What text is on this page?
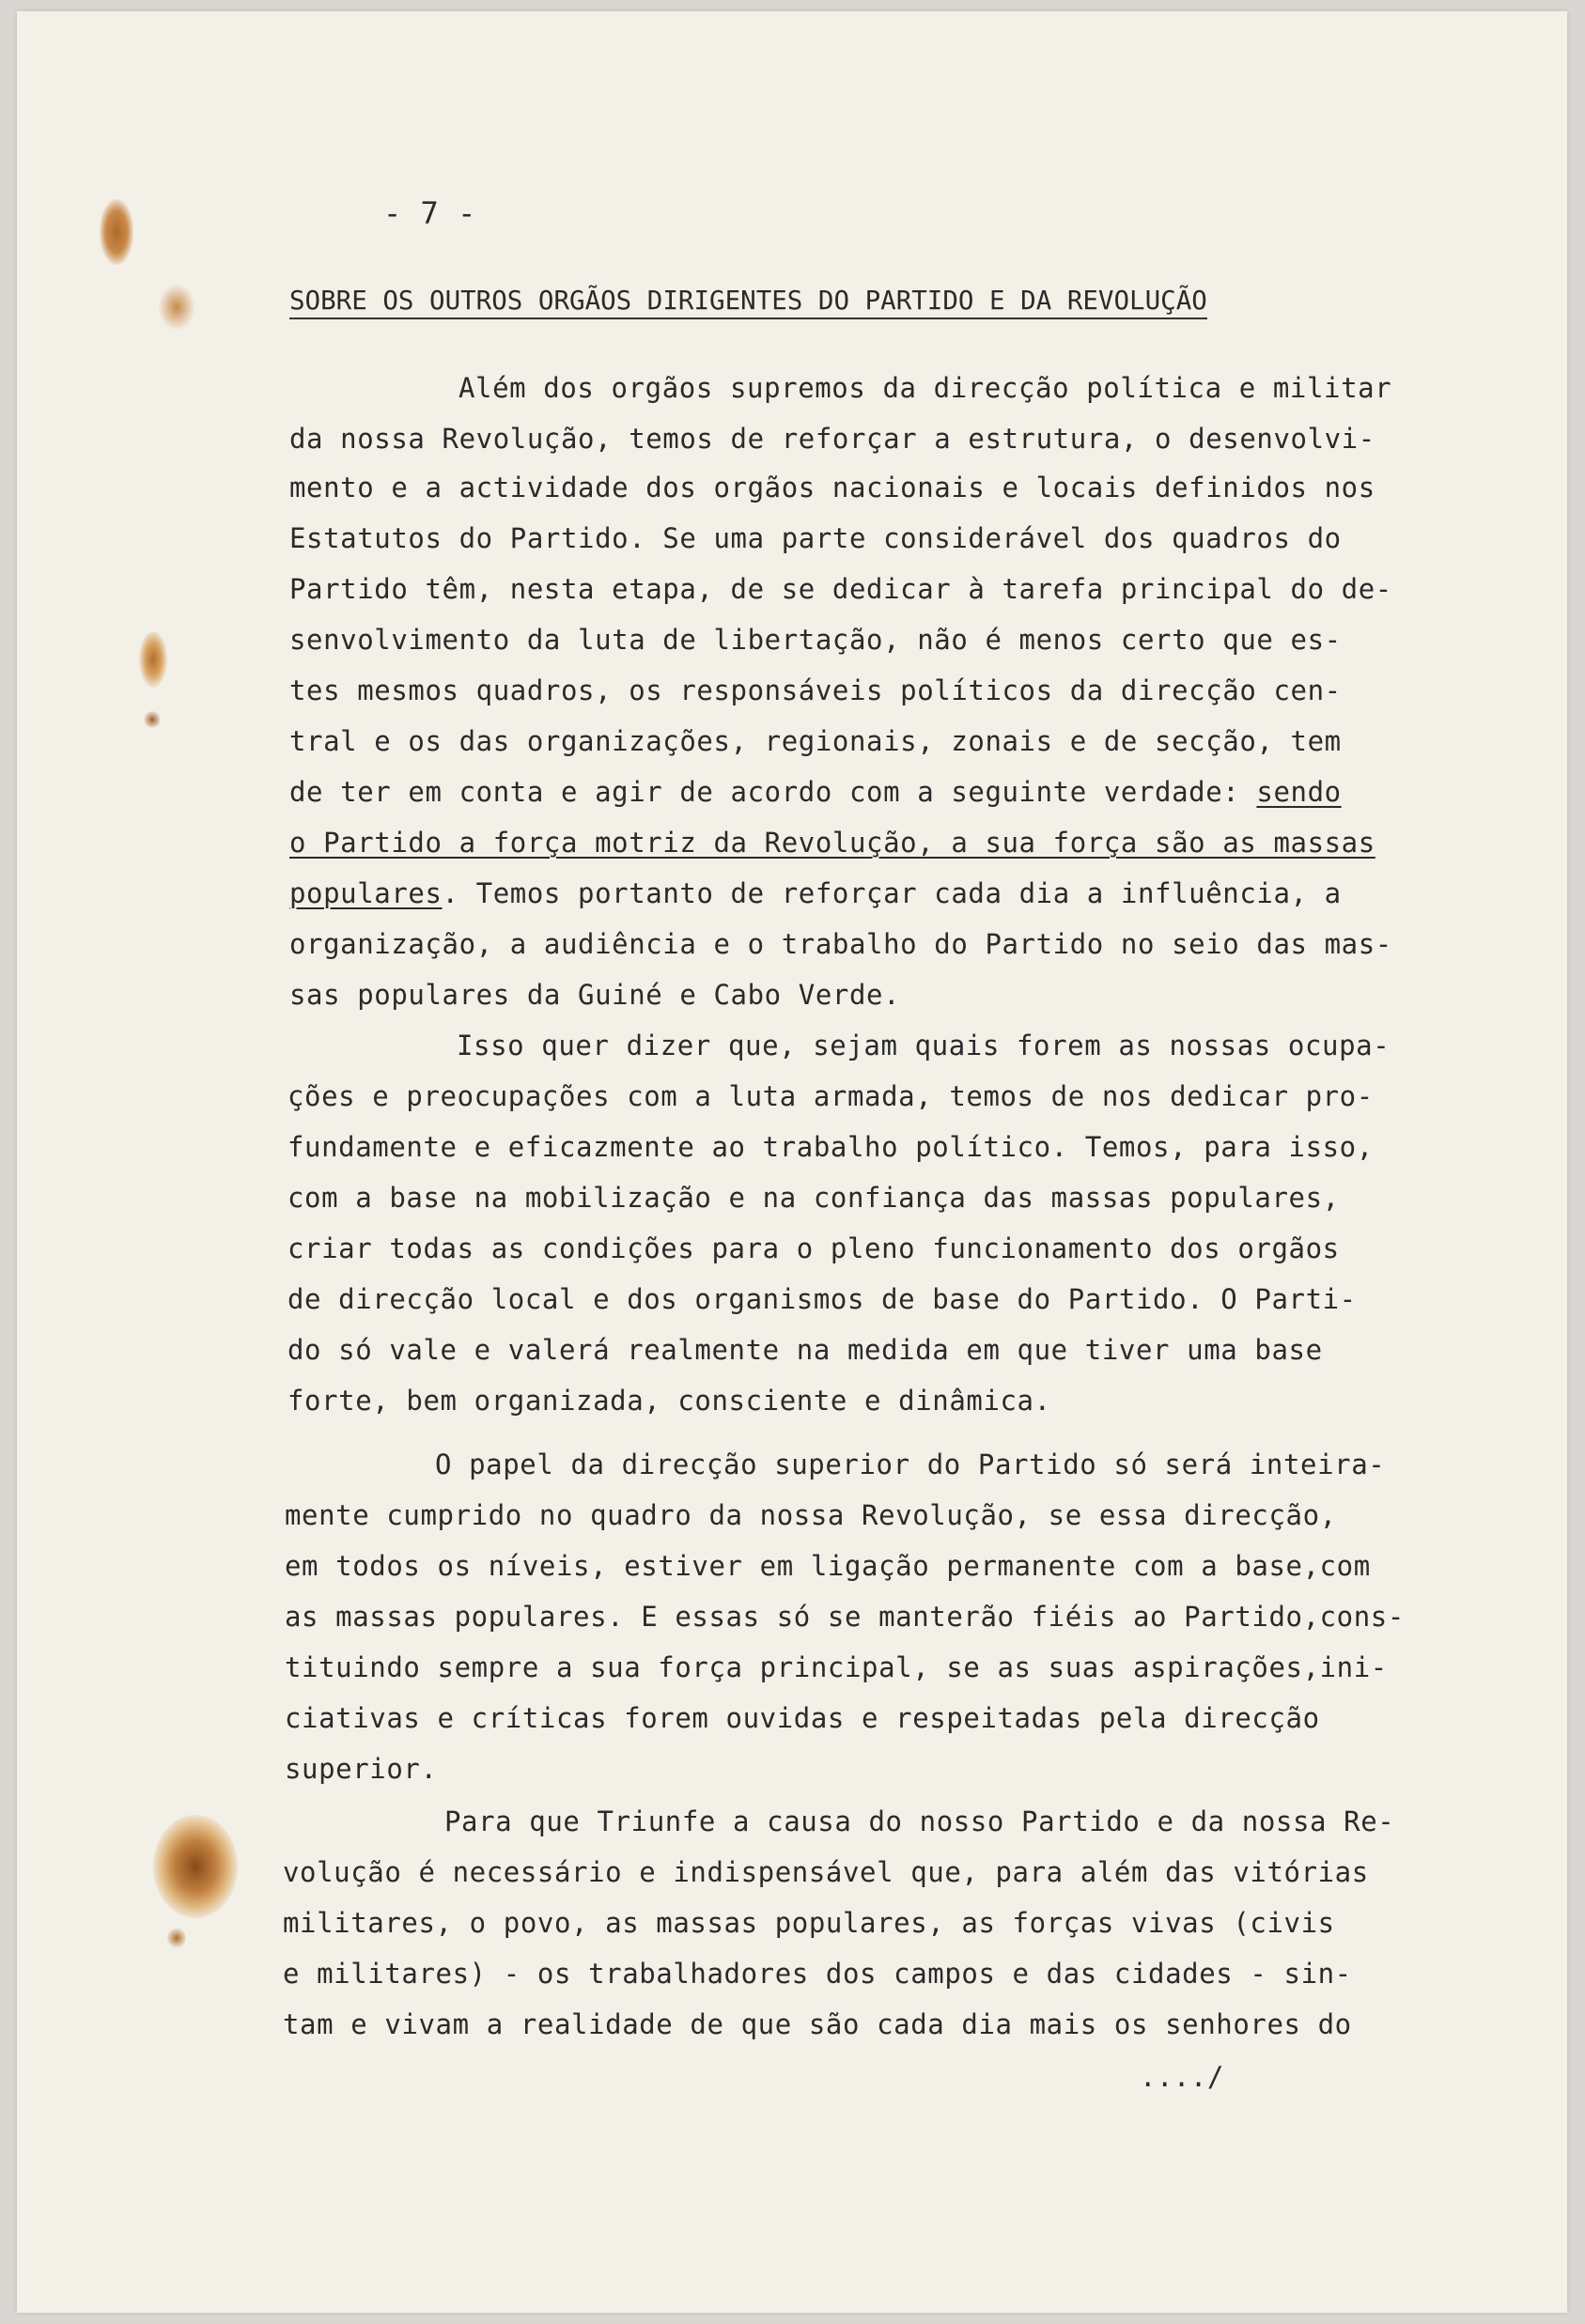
- 7 -
SOBRE OS OUTROS ORGÃOS DIRIGENTES DO PARTIDO E DA REVOLUÇÃO
Além dos orgãos supremos da direcção política e militar
da nossa Revolução, temos de reforçar a estrutura, o desenvolvi-
mento e a actividade dos orgãos nacionais e locais definidos nos
Estatutos do Partido. Se uma parte considerável dos quadros do
Partido têm, nesta etapa, de se dedicar à tarefa principal do de-
senvolvimento da luta de libertação, não é menos certo que es-
tes mesmos quadros, os responsáveis políticos da direcção cen-
tral e os das organizações, regionais, zonais e de secção, tem
de ter em conta e agir de acordo com a seguinte verdade: sendo
o Partido a força motriz da Revolução, a sua força são as massas
populares. Temos portanto de reforçar cada dia a influência, a
organização, a audiência e o trabalho do Partido no seio das mas-
sas populares da Guiné e Cabo Verde.
Isso quer dizer que, sejam quais forem as nossas ocupa-
ções e preocupações com a luta armada, temos de nos dedicar pro-
fundamente e eficazmente ao trabalho político. Temos, para isso,
com a base na mobilização e na confiança das massas populares,
criar todas as condições para o pleno funcionamento dos orgãos
de direcção local e dos organismos de base do Partido. O Parti-
do só vale e valerá realmente na medida em que tiver uma base
forte, bem organizada, consciente e dinâmica.
O papel da direcção superior do Partido só será inteira-
mente cumprido no quadro da nossa Revolução, se essa direcção,
em todos os níveis, estiver em ligação permanente com a base,com
as massas populares. E essas só se manterão fiéis ao Partido,cons-
tituindo sempre a sua força principal, se as suas aspirações,ini-
ciativas e críticas forem ouvidas e respeitadas pela direcção
superior.
Para que Triunfe a causa do nosso Partido e da nossa Re-
volução é necessário e indispensável que, para além das vitórias
militares, o povo, as massas populares, as forças vivas (civis
e militares) - os trabalhadores dos campos e das cidades - sin-
tam e vivam a realidade de que são cada dia mais os senhores do
..../
